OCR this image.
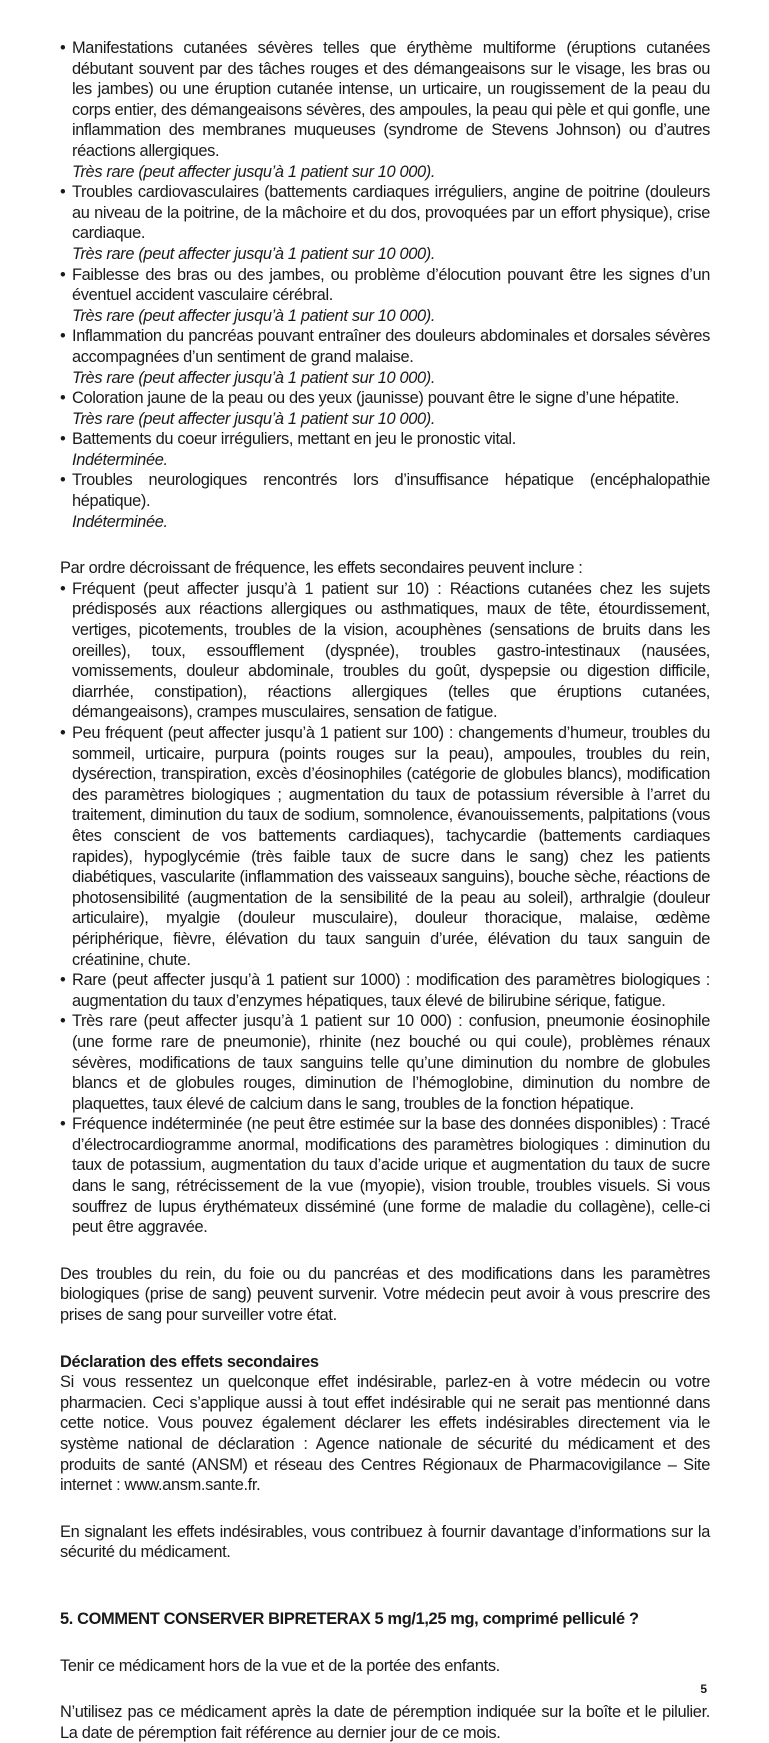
• Manifestations cutanées sévères telles que érythème multiforme (éruptions cutanées débutant souvent par des tâches rouges et des démangeaisons sur le visage, les bras ou les jambes) ou une éruption cutanée intense, un urticaire, un rougissement de la peau du corps entier, des démangeaisons sévères, des ampoules, la peau qui pèle et qui gonfle, une inflammation des membranes muqueuses (syndrome de Stevens Johnson) ou d’autres réactions allergiques.
Très rare (peut affecter jusqu’à 1 patient sur 10 000).
• Troubles cardiovasculaires (battements cardiaques irréguliers, angine de poitrine (douleurs au niveau de la poitrine, de la mâchoire et du dos, provoquées par un effort physique), crise cardiaque.
Très rare (peut affecter jusqu’à 1 patient sur 10 000).
• Faiblesse des bras ou des jambes, ou problème d’élocution pouvant être les signes d’un éventuel accident vasculaire cérébral.
Très rare (peut affecter jusqu’à 1 patient sur 10 000).
• Inflammation du pancréas pouvant entraîner des douleurs abdominales et dorsales sévères accompagnées d’un sentiment de grand malaise.
Très rare (peut affecter jusqu’à 1 patient sur 10 000).
• Coloration jaune de la peau ou des yeux (jaunisse) pouvant être le signe d’une hépatite.
Très rare (peut affecter jusqu’à 1 patient sur 10 000).
• Battements du coeur irréguliers, mettant en jeu le pronostic vital.
Indéterminée.
• Troubles neurologiques rencontrés lors d’insuffisance hépatique (encéphalopathie hépatique).
Indéterminée.

Par ordre décroissant de fréquence, les effets secondaires peuvent inclure :

• Fréquent (peut affecter jusqu’à 1 patient sur 10) : Réactions cutanées chez les sujets prédisposés aux réactions allergiques ou asthmatiques, maux de tête, étourdissement, vertiges, picotements, troubles de la vision, acouphènes (sensations de bruits dans les oreilles), toux, essoufflement (dyspnée), troubles gastro-intestinaux (nausées, vomissements, douleur abdominale, troubles du goût, dyspepsie ou digestion difficile, diarrhée, constipation), réactions allergiques (telles que éruptions cutanées, démangeaisons), crampes musculaires, sensation de fatigue.
• Peu fréquent (peut affecter jusqu’à 1 patient sur 100) : changements d’humeur, troubles du sommeil, urticaire, purpura (points rouges sur la peau), ampoules, troubles du rein, dysérection, transpiration, excès d’éosinophiles (catégorie de globules blancs), modification des paramètres biologiques ; augmentation du taux de potassium réversible à l’arret du traitement, diminution du taux de sodium, somnolence, évanouissements, palpitations (vous êtes conscient de vos battements cardiaques), tachycardie (battements cardiaques rapides), hypoglycémie (très faible taux de sucre dans le sang) chez les patients diabétiques, vascularite (inflammation des vaisseaux sanguins), bouche sèche, réactions de photosensibilité (augmentation de la sensibilité de la peau au soleil), arthralgie (douleur articulaire), myalgie (douleur musculaire), douleur thoracique, malaise, œdème périphérique, fièvre, élévation du taux sanguin d’urée, élévation du taux sanguin de créatinine, chute.
• Rare (peut affecter jusqu’à 1 patient sur 1000) : modification des paramètres biologiques : augmentation du taux d’enzymes hépatiques, taux élevé de bilirubine sérique, fatigue.
• Très rare (peut affecter jusqu’à 1 patient sur 10 000) : confusion, pneumonie éosinophile (une forme rare de pneumonie), rhinite (nez bouché ou qui coule), problèmes rénaux sévères, modifications de taux sanguins telle qu’une diminution du nombre de globules blancs et de globules rouges, diminution de l’hémoglobine, diminution du nombre de plaquettes, taux élevé de calcium dans le sang, troubles de la fonction hépatique.
• Fréquence indéterminée (ne peut être estimée sur la base des données disponibles) : Tracé d’électrocardiogramme anormal, modifications des paramètres biologiques : diminution du taux de potassium, augmentation du taux d’acide urique et augmentation du taux de sucre dans le sang, rétrécissement de la vue (myopie), vision trouble, troubles visuels. Si vous souffrez de lupus érythémateux disséminé (une forme de maladie du collagène), celle-ci peut être aggravée.

Des troubles du rein, du foie ou du pancréas et des modifications dans les paramètres biologiques (prise de sang) peuvent survenir. Votre médecin peut avoir à vous prescrire des prises de sang pour surveiller votre état.

Déclaration des effets secondaires

Si vous ressentez un quelconque effet indésirable, parlez-en à votre médecin ou votre pharmacien. Ceci s’applique aussi à tout effet indésirable qui ne serait pas mentionné dans cette notice. Vous pouvez également déclarer les effets indésirables directement via le système national de déclaration : Agence nationale de sécurité du médicament et des produits de santé (ANSM) et réseau des Centres Régionaux de Pharmacovigilance – Site internet : www.ansm.sante.fr.

En signalant les effets indésirables, vous contribuez à fournir davantage d’informations sur la sécurité du médicament.

5. COMMENT CONSERVER BIPRETERAX 5 mg/1,25 mg, comprimé pelliculé ?

Tenir ce médicament hors de la vue et de la portée des enfants.

N’utilisez pas ce médicament après la date de péremption indiquée sur la boîte et le pilulier. La date de péremption fait référence au dernier jour de ce mois.

5
